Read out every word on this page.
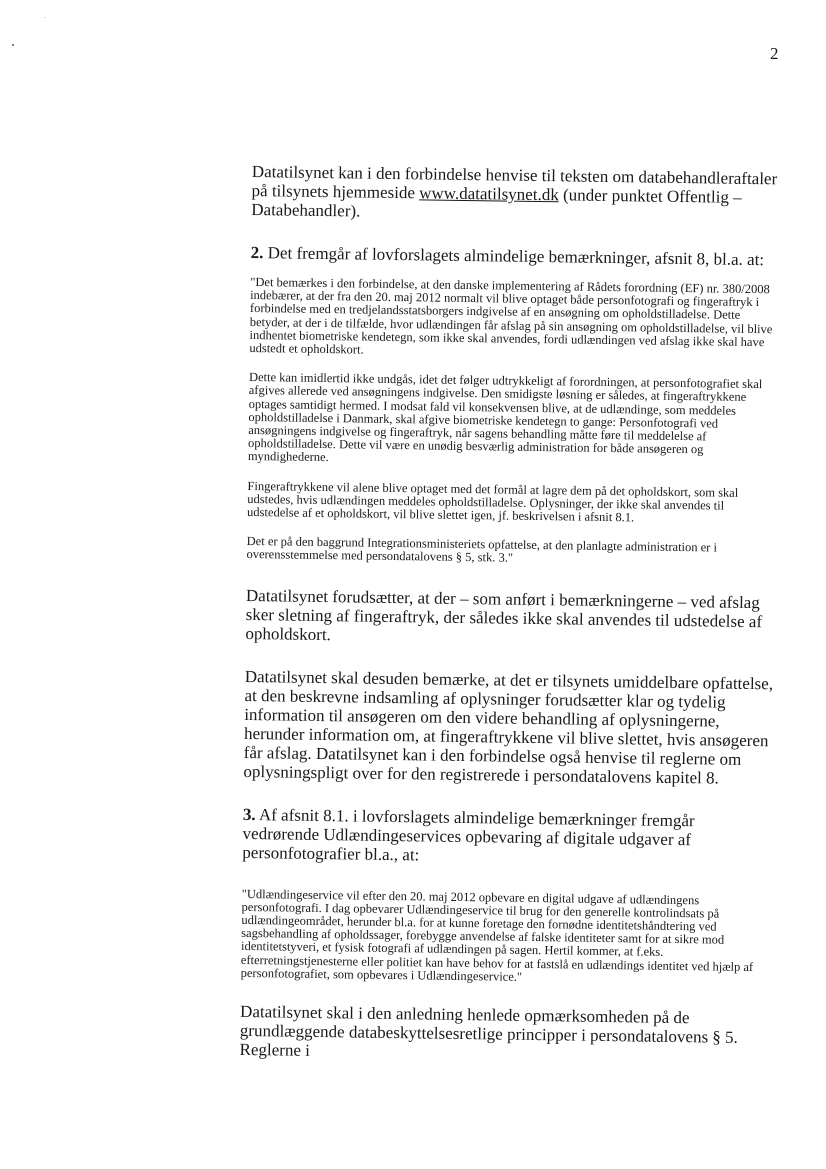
2

Datatilsynet kan i den forbindelse henvise til teksten om databehandleraftaler på tilsynets hjemmeside www.datatilsynet.dk (under punktet Offentlig – Databehandler).

2. Det fremgår af lovforslagets almindelige bemærkninger, afsnit 8, bl.a. at:

"Det bemærkes i den forbindelse, at den danske implementering af Rådets forordning (EF) nr. 380/2008 indebærer, at der fra den 20. maj 2012 normalt vil blive optaget både personfotografi og fingeraftryk i forbindelse med en tredjelandsstatsborgers indgivelse af en ansøgning om opholdstilladelse. Dette betyder, at der i de tilfælde, hvor udlændingen får afslag på sin ansøgning om opholdstilladelse, vil blive indhentet biometriske kendetegn, som ikke skal anvendes, fordi udlændingen ved afslag ikke skal have udstedt et opholdskort.

Dette kan imidlertid ikke undgås, idet det følger udtrykkeligt af forordningen, at personfotografiet skal afgives allerede ved ansøgningens indgivelse. Den smidigste løsning er således, at fingeraftrykkene optages samtidigt hermed. I modsat fald vil konsekvensen blive, at de udlændinge, som meddeles opholdstilladelse i Danmark, skal afgive biometriske kendetegn to gange: Personfotografi ved ansøgningens indgivelse og fingeraftryk, når sagens behandling måtte føre til meddelelse af opholdstilladelse. Dette vil være en unødig besværlig administration for både ansøgeren og myndighederne.

Fingeraftrykkene vil alene blive optaget med det formål at lagre dem på det opholdskort, som skal udstedes, hvis udlændingen meddeles opholdstilladelse. Oplysninger, der ikke skal anvendes til udstedelse af et opholdskort, vil blive slettet igen, jf. beskrivelsen i afsnit 8.1.

Det er på den baggrund Integrationsministeriets opfattelse, at den planlagte administration er i overensstemmelse med persondatalovens § 5, stk. 3."

Datatilsynet forudsætter, at der – som anført i bemærkningerne – ved afslag sker sletning af fingeraftryk, der således ikke skal anvendes til udstedelse af opholdskort.

Datatilsynet skal desuden bemærke, at det er tilsynets umiddelbare opfattelse, at den beskrevne indsamling af oplysninger forudsætter klar og tydelig information til ansøgeren om den videre behandling af oplysningerne, herunder information om, at fingeraftrykkene vil blive slettet, hvis ansøgeren får afslag. Datatilsynet kan i den forbindelse også henvise til reglerne om oplysningspligt over for den registrerede i persondatalovens kapitel 8.

3. Af afsnit 8.1. i lovforslagets almindelige bemærkninger fremgår vedrørende Udlændingeservices opbevaring af digitale udgaver af personfotografier bl.a., at:

"Udlændingeservice vil efter den 20. maj 2012 opbevare en digital udgave af udlændingens personfotografi. I dag opbevarer Udlændingeservice til brug for den generelle kontrolindsats på udlændingeområdet, herunder bl.a. for at kunne foretage den fornødne identitetshåndtering ved sagsbehandling af opholdssager, forebygge anvendelse af falske identiteter samt for at sikre mod identitetstyveri, et fysisk fotografi af udlændingen på sagen. Hertil kommer, at f.eks. efterretningstjenesterne eller politiet kan have behov for at fastslå en udlændings identitet ved hjælp af personfotografiet, som opbevares i Udlændingeservice."

Datatilsynet skal i den anledning henlede opmærksomheden på de grundlæggende databeskyttelsesretlige principper i persondatalovens § 5. Reglerne i
